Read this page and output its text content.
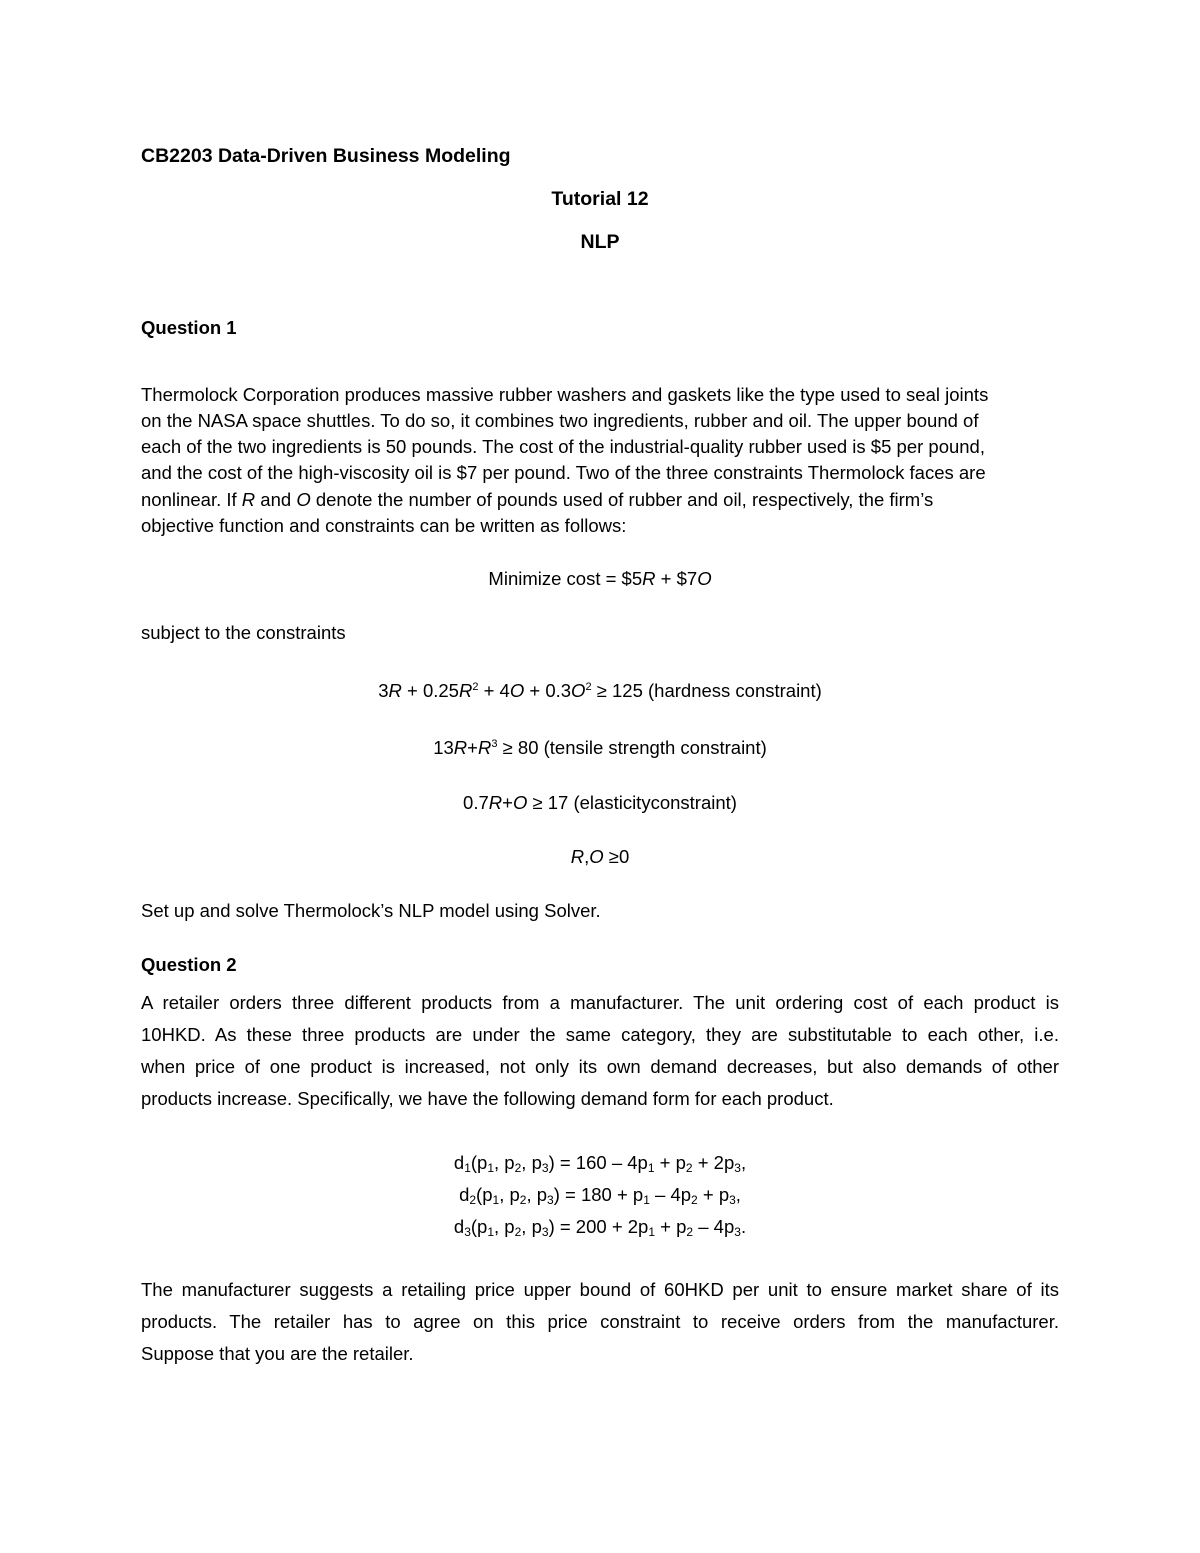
CB2203 Data-Driven Business Modeling
Tutorial 12
NLP
Question 1
Thermolock Corporation produces massive rubber washers and gaskets like the type used to seal joints
on the NASA space shuttles. To do so, it combines two ingredients, rubber and oil. The upper bound of
each of the two ingredients is 50 pounds. The cost of the industrial-quality rubber used is $5 per pound,
and the cost of the high-viscosity oil is $7 per pound. Two of the three constraints Thermolock faces are
nonlinear. If R and O denote the number of pounds used of rubber and oil, respectively, the firm’s
objective function and constraints can be written as follows:
Minimize cost = $5R + $7O
subject to the constraints
$3R + 0.25R^2 + 4O + 0.3O^2 \ge 125$ (hardness constraint)
$13R+R^3 \ge 80$ (tensile strength constraint)
0.7R+O ≥ 17 (elasticityconstraint)
R,O ≥0
Set up and solve Thermolock’s NLP model using Solver.
Question 2
A retailer orders three different products from a manufacturer. The unit ordering cost of each product is
10HKD. As these three products are under the same category, they are substitutable to each other, i.e.
when price of one product is increased, not only its own demand decreases, but also demands of other
products increase. Specifically, we have the following demand form for each product.
$d_1(p_1$, $p_2$, $p_3) = 160 - 4p_1 + p_2 + 2p_3$,
$d_2(p_1$, $p_2$, $p_3) = 180 + p_1 - 4p_2 + p_3$,
$d_3(p_1$, $p_2$, $p_3) = 200 + 2p_1 + p_2 - 4p_3$.
The manufacturer suggests a retailing price upper bound of 60HKD per unit to ensure market share of its
products. The retailer has to agree on this price constraint to receive orders from the manufacturer.
Suppose that you are the retailer.
